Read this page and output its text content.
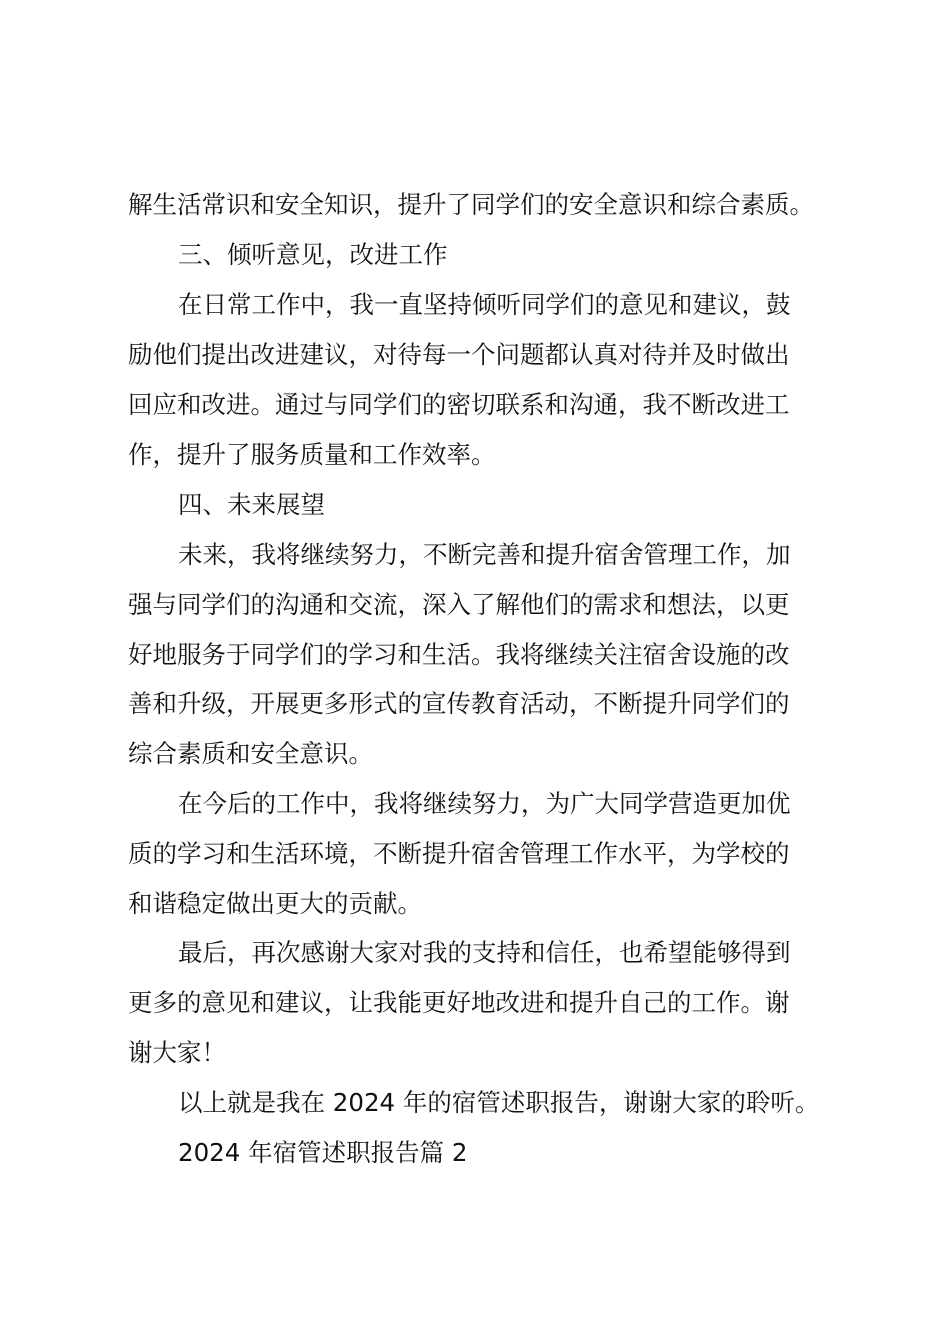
解生活常识和安全知识，提升了同学们的安全意识和综合素质。
三、倾听意见，改进工作
在日常工作中，我一直坚持倾听同学们的意见和建议，鼓
励他们提出改进建议，对待每一个问题都认真对待并及时做出
回应和改进。通过与同学们的密切联系和沟通，我不断改进工
作，提升了服务质量和工作效率。
四、未来展望
未来，我将继续努力，不断完善和提升宿舍管理工作，加
强与同学们的沟通和交流，深入了解他们的需求和想法，以更
好地服务于同学们的学习和生活。我将继续关注宿舍设施的改
善和升级，开展更多形式的宣传教育活动，不断提升同学们的
综合素质和安全意识。
在今后的工作中，我将继续努力，为广大同学营造更加优
质的学习和生活环境，不断提升宿舍管理工作水平，为学校的
和谐稳定做出更大的贡献。
最后，再次感谢大家对我的支持和信任，也希望能够得到
更多的意见和建议，让我能更好地改进和提升自己的工作。谢
谢大家！
以上就是我在 2024 年的宿管述职报告，谢谢大家的聆听。
2024 年宿管述职报告篇 2
